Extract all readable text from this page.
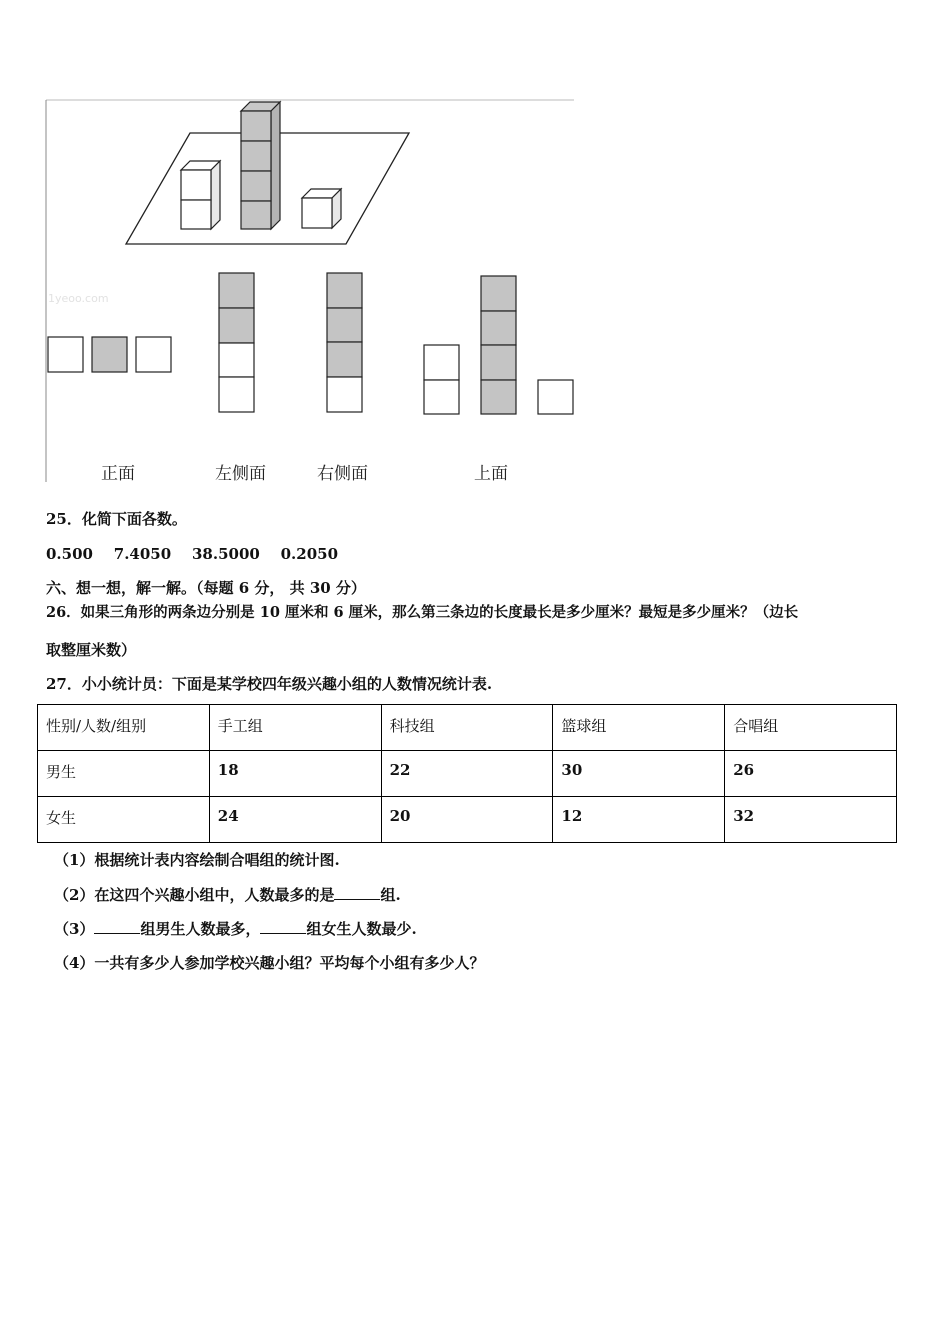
1yeoo.com
正面	左侧面	右侧面	上面
25．化简下面各数。
0.500 7.4050 38.5000 0.2050
六、想一想，解一解。（每题 6 分， 共 30 分）
26．如果三角形的两条边分别是 10 厘米和 6 厘米，那么第三条边的长度最长是多少厘米？最短是多少厘米？（边长
取整厘米数）
27．小小统计员：下面是某学校四年级兴趣小组的人数情况统计表.
性别/人数/组别	手工组	科技组	篮球组	合唱组
男生	18	22	30	26
女生	24	20	12	32
（1）根据统计表内容绘制合唱组的统计图.
（2）在这四个兴趣小组中，人数最多的是	组.
（3）	组男生人数最多，	组女生人数最少.
（4）一共有多少人参加学校兴趣小组？平均每个小组有多少人？
